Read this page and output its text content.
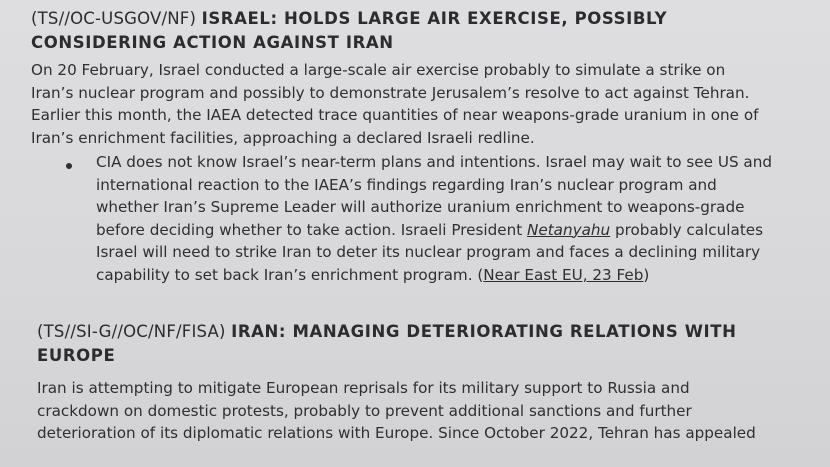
(TS//OC-USGOV/NF) ISRAEL: HOLDS LARGE AIR EXERCISE, POSSIBLY
CONSIDERING ACTION AGAINST IRAN
On 20 February, Israel conducted a large-scale air exercise probably to simulate a strike on
Iran’s nuclear program and possibly to demonstrate Jerusalem’s resolve to act against Tehran.
Earlier this month, the IAEA detected trace quantities of near weapons-grade uranium in one of
Iran’s enrichment facilities, approaching a declared Israeli redline.
CIA does not know Israel’s near-term plans and intentions. Israel may wait to see US and
international reaction to the IAEA’s findings regarding Iran’s nuclear program and
whether Iran’s Supreme Leader will authorize uranium enrichment to weapons-grade
before deciding whether to take action. Israeli President Netanyahu probably calculates
Israel will need to strike Iran to deter its nuclear program and faces a declining military
capability to set back Iran’s enrichment program. (Near East EU, 23 Feb)
(TS//SI-G//OC/NF/FISA) IRAN: MANAGING DETERIORATING RELATIONS WITH
EUROPE
Iran is attempting to mitigate European reprisals for its military support to Russia and
crackdown on domestic protests, probably to prevent additional sanctions and further
deterioration of its diplomatic relations with Europe. Since October 2022, Tehran has appealed
